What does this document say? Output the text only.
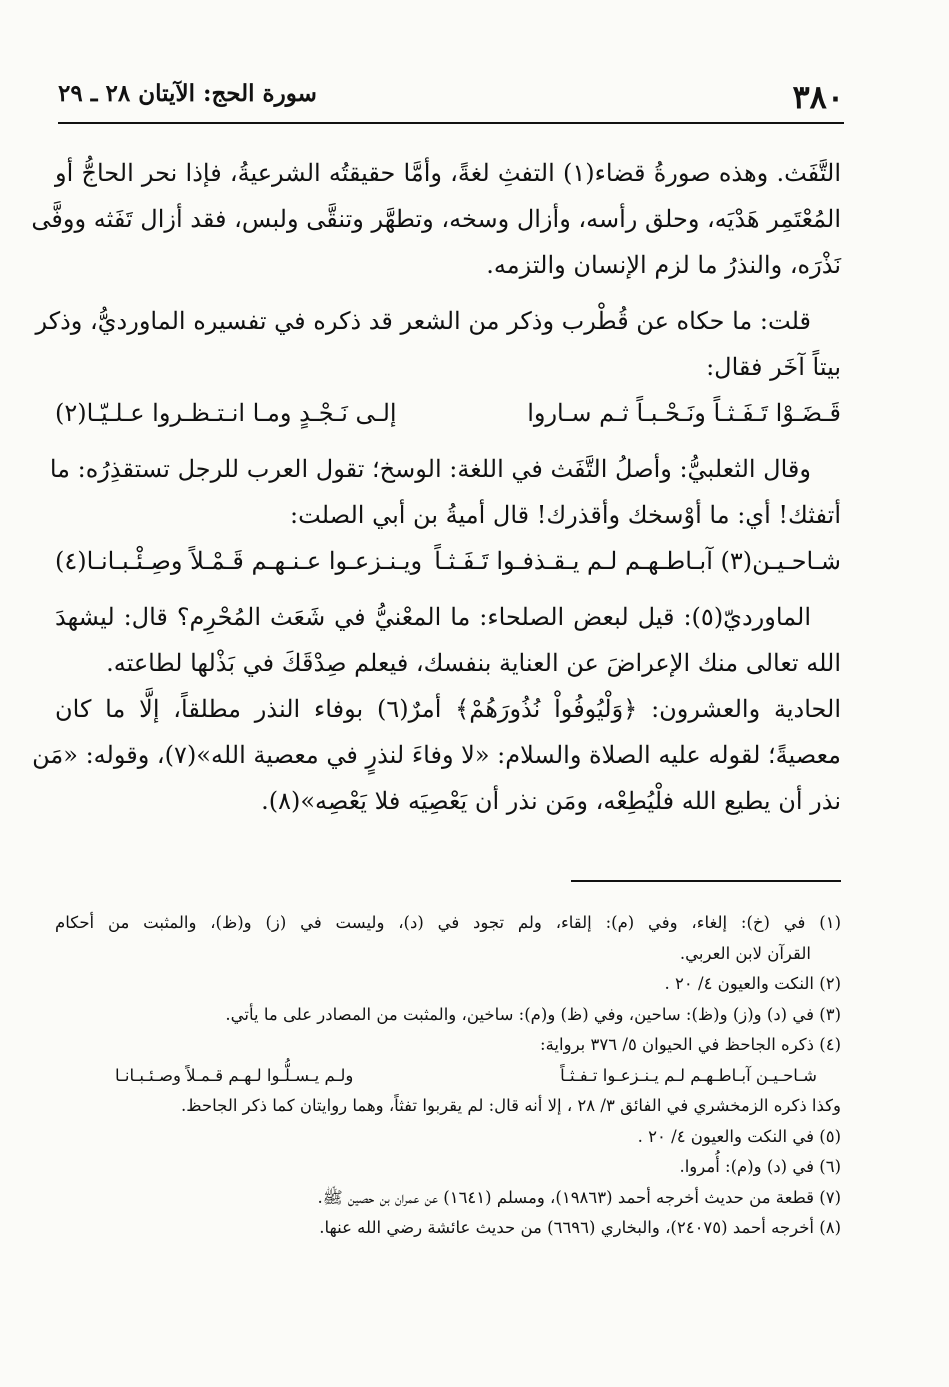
٣٨٠
سورة الحج: الآيتان ٢٨ ـ ٢٩

التَّفَث. وهذه صورةُ قضاء(١) التفثِ لغةً، وأمَّا حقيقتُه الشرعيةُ، فإذا نحر الحاجُّ أو

المُعْتَمِر هَدْيَه، وحلق رأسه، وأزال وسخه، وتطهَّر وتنقَّى ولبس، فقد أزال تَفَثه ووفَّى

نَذْرَه، والنذرُ ما لزم الإنسان والتزمه.

قلت: ما حكاه عن قُطْرب وذكر من الشعر قد ذكره في تفسيره الماورديُّ، وذكر

بيتاً آخَر فقال:

قَـضَـوْا تَـفَـثـاً ونَـحْـبـاً ثـم سـاروا
إلـى نَـجْـدٍ ومـا انـتـظـروا عـلـيّـا(٢)

وقال الثعلبيُّ: وأصلُ التَّفَث في اللغة: الوسخ؛ تقول العرب للرجل تستقذِرُه: ما

أتفثك! أي: ما أوْسخك وأقذرك! قال أميةُ بن أبي الصلت:

شـاحـيـن(٣) آبـاطـهـم لـم يـقـذفـوا تَـفَـثـاً
ويـنـزعـوا عـنـهـم قَـمْـلاً وصِـئْـبـانـا(٤)

الماورديّ(٥): قيل لبعض الصلحاء: ما المعْنيُّ في شَعَث المُحْرِم؟ قال: ليشهدَ

الله تعالى منك الإعراضَ عن العناية بنفسك، فيعلم صِدْقَكَ في بَذْلها لطاعته.

الحادية والعشرون: ﴿وَلْيُوفُواْ نُذُورَهُمْ﴾ أمرٌ(٦) بوفاء النذر مطلقاً، إلَّا ما كان

معصيةً؛ لقوله عليه الصلاة والسلام: «لا وفاءَ لنذرٍ في معصية الله»(٧)، وقوله: «مَن

نذر أن يطيع الله فلْيُطِعْه، ومَن نذر أن يَعْصِيَه فلا يَعْصِه»(٨).

(١) في (خ): إلغاء، وفي (م): إلقاء، ولم تجود في (د)، وليست في (ز) و(ظ)، والمثبت من أحكام
القرآن لابن العربي.
(٢) النكت والعيون ٤/ ٢٠ .
(٣) في (د) و(ز) و(ظ): ساحين، وفي (ظ) و(م): ساخين، والمثبت من المصادر على ما يأتي.
(٤) ذكره الجاحظ في الحيوان ٥/ ٣٧٦ برواية:
شـاحـيـن آبـاطـهـم لـم يـنـزعـوا تـفـثـاً
ولـم يـسـلُّـوا لـهـم قـمـلاً وصـئـبـانـا
وكذا ذكره الزمخشري في الفائق ٣/ ٢٨ ، إلا أنه قال: لم يقربوا تفثاً، وهما روايتان كما ذكر الجاحظ.
(٥) في النكت والعيون ٤/ ٢٠ .
(٦) في (د) و(م): أُمروا.
(٧) قطعة من حديث أخرجه أحمد (١٩٨٦٣)، ومسلم (١٦٤١) عن عمران بن حصين ﷺ.
(٨) أخرجه أحمد (٢٤٠٧٥)، والبخاري (٦٦٩٦) من حديث عائشة رضي الله عنها.
